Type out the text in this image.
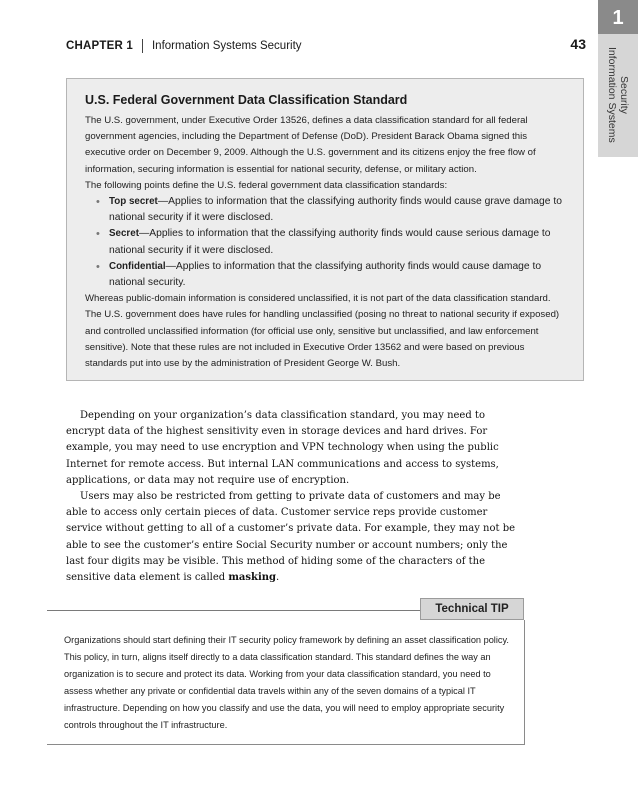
1
Information Systems Security
CHAPTER 1 Information Systems Security	43
U.S. Federal Government Data Classification Standard

The U.S. government, under Executive Order 13526, defines a data classification standard for all federal government agencies, including the Department of Defense (DoD). President Barack Obama signed this executive order on December 9, 2009. Although the U.S. government and its citizens enjoy the free flow of information, securing information is essential for national security, defense, or military action.

The following points define the U.S. federal government data classification standards:

• Top secret—Applies to information that the classifying authority finds would cause grave damage to national security if it were disclosed.
• Secret—Applies to information that the classifying authority finds would cause serious damage to national security if it were disclosed.
• Confidential—Applies to information that the classifying authority finds would cause damage to national security.

Whereas public-domain information is considered unclassified, it is not part of the data classification standard.

The U.S. government does have rules for handling unclassified (posing no threat to national security if exposed) and controlled unclassified information (for official use only, sensitive but unclassified, and law enforcement sensitive). Note that these rules are not included in Executive Order 13562 and were based on previous standards put into use by the administration of President George W. Bush.

Depending on your organization’s data classification standard, you may need to encrypt data of the highest sensitivity even in storage devices and hard drives. For example, you may need to use encryption and VPN technology when using the public Internet for remote access. But internal LAN communications and access to systems, applications, or data may not require use of encryption.

Users may also be restricted from getting to private data of customers and may be able to access only certain pieces of data. Customer service reps provide customer service without getting to all of a customer’s private data. For example, they may not be able to see the customer’s entire Social Security number or account numbers; only the last four digits may be visible. This method of hiding some of the characters of the sensitive data element is called masking.

Technical TIP

Organizations should start defining their IT security policy framework by defining an asset classification policy. This policy, in turn, aligns itself directly to a data classification standard. This standard defines the way an organization is to secure and protect its data. Working from your data classification standard, you need to assess whether any private or confidential data travels within any of the seven domains of a typical IT infrastructure. Depending on how you classify and use the data, you will need to employ appropriate security controls throughout the IT infrastructure.
